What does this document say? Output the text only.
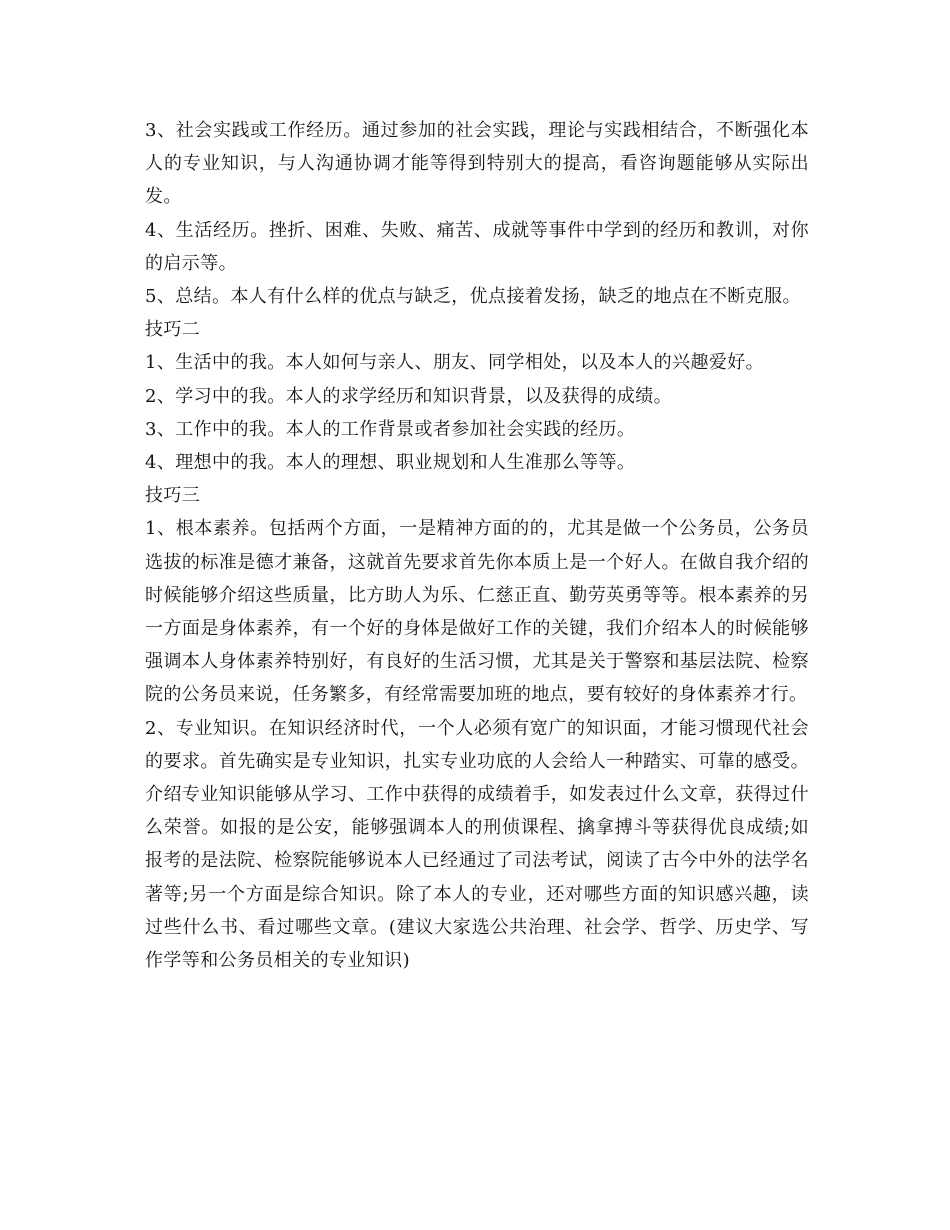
3、社会实践或工作经历。通过参加的社会实践，理论与实践相结合，不断强化本人的专业知识，与人沟通协调才能等得到特别大的提高，看咨询题能够从实际出发。

4、生活经历。挫折、困难、失败、痛苦、成就等事件中学到的经历和教训，对你的启示等。

5、总结。本人有什么样的优点与缺乏，优点接着发扬，缺乏的地点在不断克服。

技巧二

1、生活中的我。本人如何与亲人、朋友、同学相处，以及本人的兴趣爱好。

2、学习中的我。本人的求学经历和知识背景，以及获得的成绩。

3、工作中的我。本人的工作背景或者参加社会实践的经历。

4、理想中的我。本人的理想、职业规划和人生准那么等等。

技巧三

1、根本素养。包括两个方面，一是精神方面的的，尤其是做一个公务员，公务员选拔的标准是德才兼备，这就首先要求首先你本质上是一个好人。在做自我介绍的时候能够介绍这些质量，比方助人为乐、仁慈正直、勤劳英勇等等。根本素养的另一方面是身体素养，有一个好的身体是做好工作的关键，我们介绍本人的时候能够强调本人身体素养特别好，有良好的生活习惯，尤其是关于警察和基层法院、检察院的公务员来说，任务繁多，有经常需要加班的地点，要有较好的身体素养才行。

2、专业知识。在知识经济时代，一个人必须有宽广的知识面，才能习惯现代社会的要求。首先确实是专业知识，扎实专业功底的人会给人一种踏实、可靠的感受。介绍专业知识能够从学习、工作中获得的成绩着手，如发表过什么文章，获得过什么荣誉。如报的是公安，能够强调本人的刑侦课程、擒拿搏斗等获得优良成绩;如报考的是法院、检察院能够说本人已经通过了司法考试，阅读了古今中外的法学名著等;另一个方面是综合知识。除了本人的专业，还对哪些方面的知识感兴趣，读过些什么书、看过哪些文章。(建议大家选公共治理、社会学、哲学、历史学、写作学等和公务员相关的专业知识)
